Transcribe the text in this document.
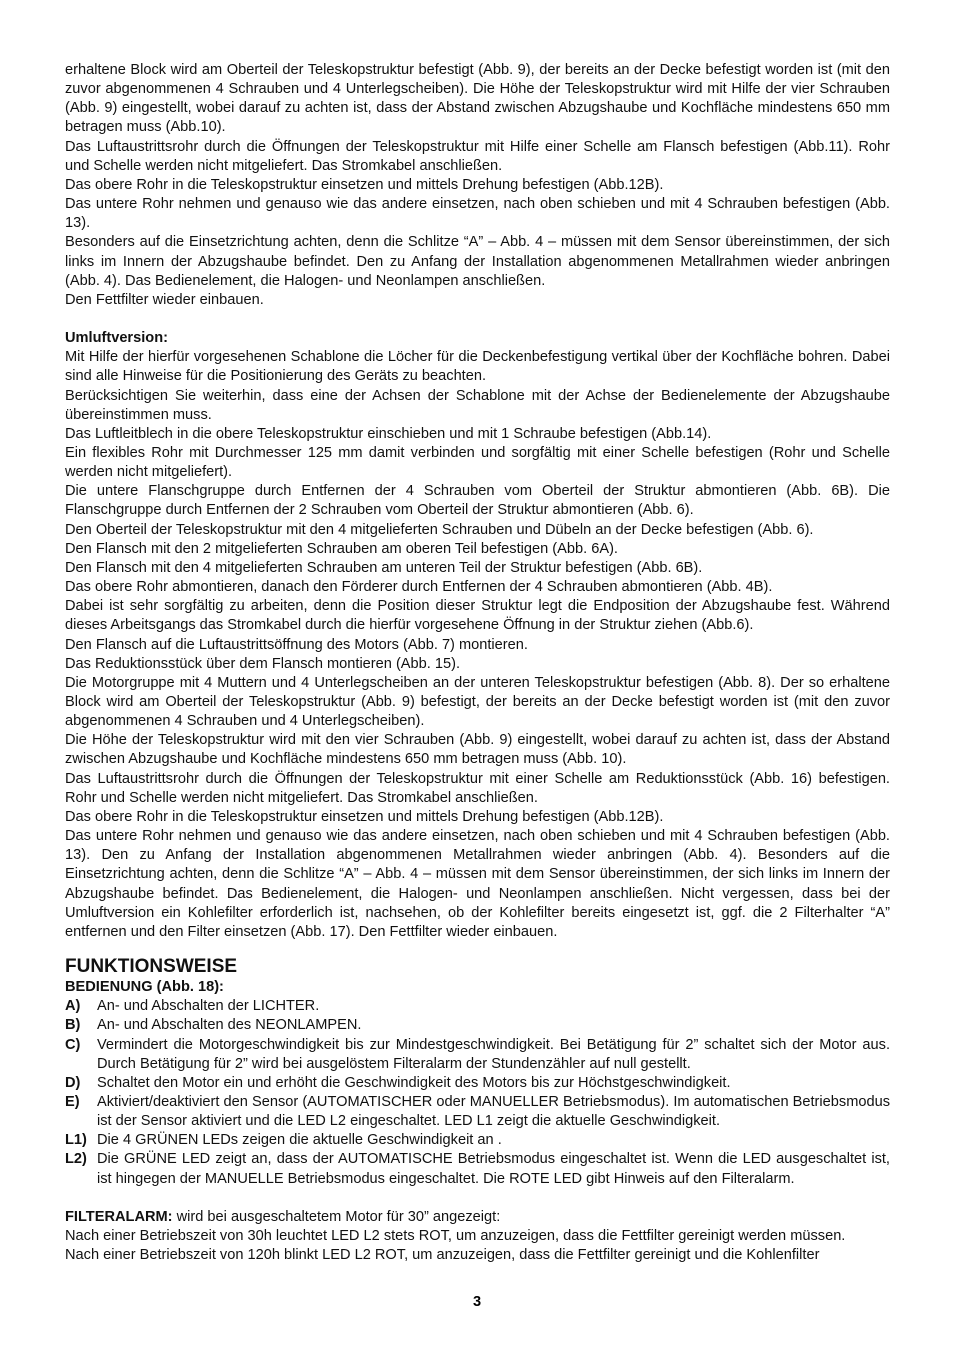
erhaltene Block wird am Oberteil der Teleskopstruktur befestigt (Abb. 9), der bereits an der Decke befestigt worden ist (mit den zuvor abgenommenen 4 Schrauben und 4 Unterlegscheiben). Die Höhe der Teleskopstruktur wird mit Hilfe der vier Schrauben (Abb. 9) eingestellt, wobei darauf zu achten ist, dass der Abstand zwischen Abzugshaube und Kochfläche mindestens 650 mm betragen muss (Abb.10).

Das Luftaustrittsrohr durch die Öffnungen der Teleskopstruktur mit Hilfe einer Schelle am Flansch befestigen (Abb.11). Rohr und Schelle werden nicht mitgeliefert. Das Stromkabel anschließen.

Das obere Rohr in die Teleskopstruktur einsetzen und mittels Drehung befestigen (Abb.12B).

Das untere Rohr nehmen und genauso wie das andere einsetzen, nach oben schieben und mit 4 Schrauben befestigen (Abb. 13).

Besonders auf die Einsetzrichtung achten, denn die Schlitze “A” – Abb. 4 – müssen mit dem Sensor übereinstimmen, der sich links im Innern der Abzugshaube befindet. Den zu Anfang der Installation abgenommenen Metallrahmen wieder anbringen (Abb. 4). Das Bedienelement, die Halogen- und Neonlampen anschließen.

Den Fettfilter wieder einbauen.

Umluftversion:

Mit Hilfe der hierfür vorgesehenen Schablone die Löcher für die Deckenbefestigung vertikal über der Kochfläche bohren. Dabei sind alle Hinweise für die Positionierung des Geräts zu beachten.

Berücksichtigen Sie weiterhin, dass eine der Achsen der Schablone mit der Achse der Bedienelemente der Abzugshaube übereinstimmen muss.

Das Luftleitblech in die obere Teleskopstruktur einschieben und mit 1 Schraube befestigen (Abb.14).

Ein flexibles Rohr mit Durchmesser 125 mm damit verbinden und sorgfältig mit einer Schelle befestigen (Rohr und Schelle werden nicht mitgeliefert).

Die untere Flanschgruppe durch Entfernen der 4 Schrauben vom Oberteil der Struktur abmontieren (Abb. 6B). Die Flanschgruppe durch Entfernen der 2 Schrauben vom Oberteil der Struktur abmontieren (Abb. 6).

Den Oberteil der Teleskopstruktur mit den 4 mitgelieferten Schrauben und Dübeln an der Decke befestigen (Abb. 6).

Den Flansch mit den 2 mitgelieferten Schrauben am oberen Teil befestigen (Abb. 6A).

Den Flansch mit den 4 mitgelieferten Schrauben am unteren Teil der Struktur befestigen (Abb. 6B).

Das obere Rohr abmontieren, danach den Förderer durch Entfernen der 4 Schrauben abmontieren (Abb. 4B).

Dabei ist sehr sorgfältig zu arbeiten, denn die Position dieser Struktur legt die Endposition der Abzugshaube fest. Während dieses Arbeitsgangs das Stromkabel durch die hierfür vorgesehene Öffnung in der Struktur ziehen (Abb.6).

Den Flansch auf die Luftaustrittsöffnung des Motors (Abb. 7) montieren.

Das Reduktionsstück über dem Flansch montieren (Abb. 15).

Die Motorgruppe mit 4 Muttern und 4 Unterlegscheiben an der unteren Teleskopstruktur befestigen (Abb. 8). Der so erhaltene Block wird am Oberteil der Teleskopstruktur (Abb. 9) befestigt, der bereits an der Decke befestigt worden ist (mit den zuvor abgenommenen 4 Schrauben und 4 Unterlegscheiben).

Die Höhe der Teleskopstruktur wird mit den vier Schrauben (Abb. 9) eingestellt, wobei darauf zu achten ist, dass der Abstand zwischen Abzugshaube und Kochfläche mindestens 650 mm betragen muss (Abb. 10).

Das Luftaustrittsrohr durch die Öffnungen der Teleskopstruktur mit einer Schelle am Reduktionsstück (Abb. 16) befestigen. Rohr und Schelle werden nicht mitgeliefert. Das Stromkabel anschließen.

Das obere Rohr in die Teleskopstruktur einsetzen und mittels Drehung befestigen (Abb.12B).

Das untere Rohr nehmen und genauso wie das andere einsetzen, nach oben schieben und mit 4 Schrauben befestigen (Abb. 13). Den zu Anfang der Installation abgenommenen Metallrahmen wieder anbringen (Abb. 4). Besonders auf die Einsetzrichtung achten, denn die Schlitze “A” – Abb. 4 – müssen mit dem Sensor übereinstimmen, der sich links im Innern der Abzugshaube befindet. Das Bedienelement, die Halogen- und Neonlampen anschließen. Nicht vergessen, dass bei der Umluftversion ein Kohlefilter erforderlich ist, nachsehen, ob der Kohlefilter bereits eingesetzt ist, ggf. die 2 Filterhalter “A” entfernen und den Filter einsetzen (Abb. 17). Den Fettfilter wieder einbauen.

FUNKTIONSWEISE

BEDIENUNG (Abb. 18):

A)	An- und Abschalten der LICHTER.
B)	An- und Abschalten des NEONLAMPEN.
C)	Vermindert die Motorgeschwindigkeit bis zur Mindestgeschwindigkeit. Bei Betätigung für 2” schaltet sich der Motor aus. Durch Betätigung für 2” wird bei ausgelöstem Filteralarm der Stundenzähler auf null gestellt.
D)	Schaltet den Motor ein und erhöht die Geschwindigkeit des Motors bis zur Höchstgeschwindigkeit.
E)	Aktiviert/deaktiviert den Sensor (AUTOMATISCHER oder MANUELLER Betriebsmodus). Im automatischen Betriebsmodus ist der Sensor aktiviert und die LED L2 eingeschaltet. LED L1 zeigt die aktuelle Geschwindigkeit.
L1) Die 4 GRÜNEN LEDs zeigen die aktuelle Geschwindigkeit an .
L2) Die GRÜNE LED zeigt an, dass der AUTOMATISCHE Betriebsmodus eingeschaltet ist. Wenn die LED ausgeschaltet ist, ist hingegen der MANUELLE Betriebsmodus eingeschaltet. Die ROTE LED gibt Hinweis auf den Filteralarm.

FILTERALARM: wird bei ausgeschaltetem Motor für 30” angezeigt:

Nach einer Betriebszeit von 30h leuchtet LED L2 stets ROT, um anzuzeigen, dass die Fettfilter gereinigt werden müssen.

Nach einer Betriebszeit von 120h blinkt LED L2 ROT, um anzuzeigen, dass die Fettfilter gereinigt und die Kohlenfilter

3
